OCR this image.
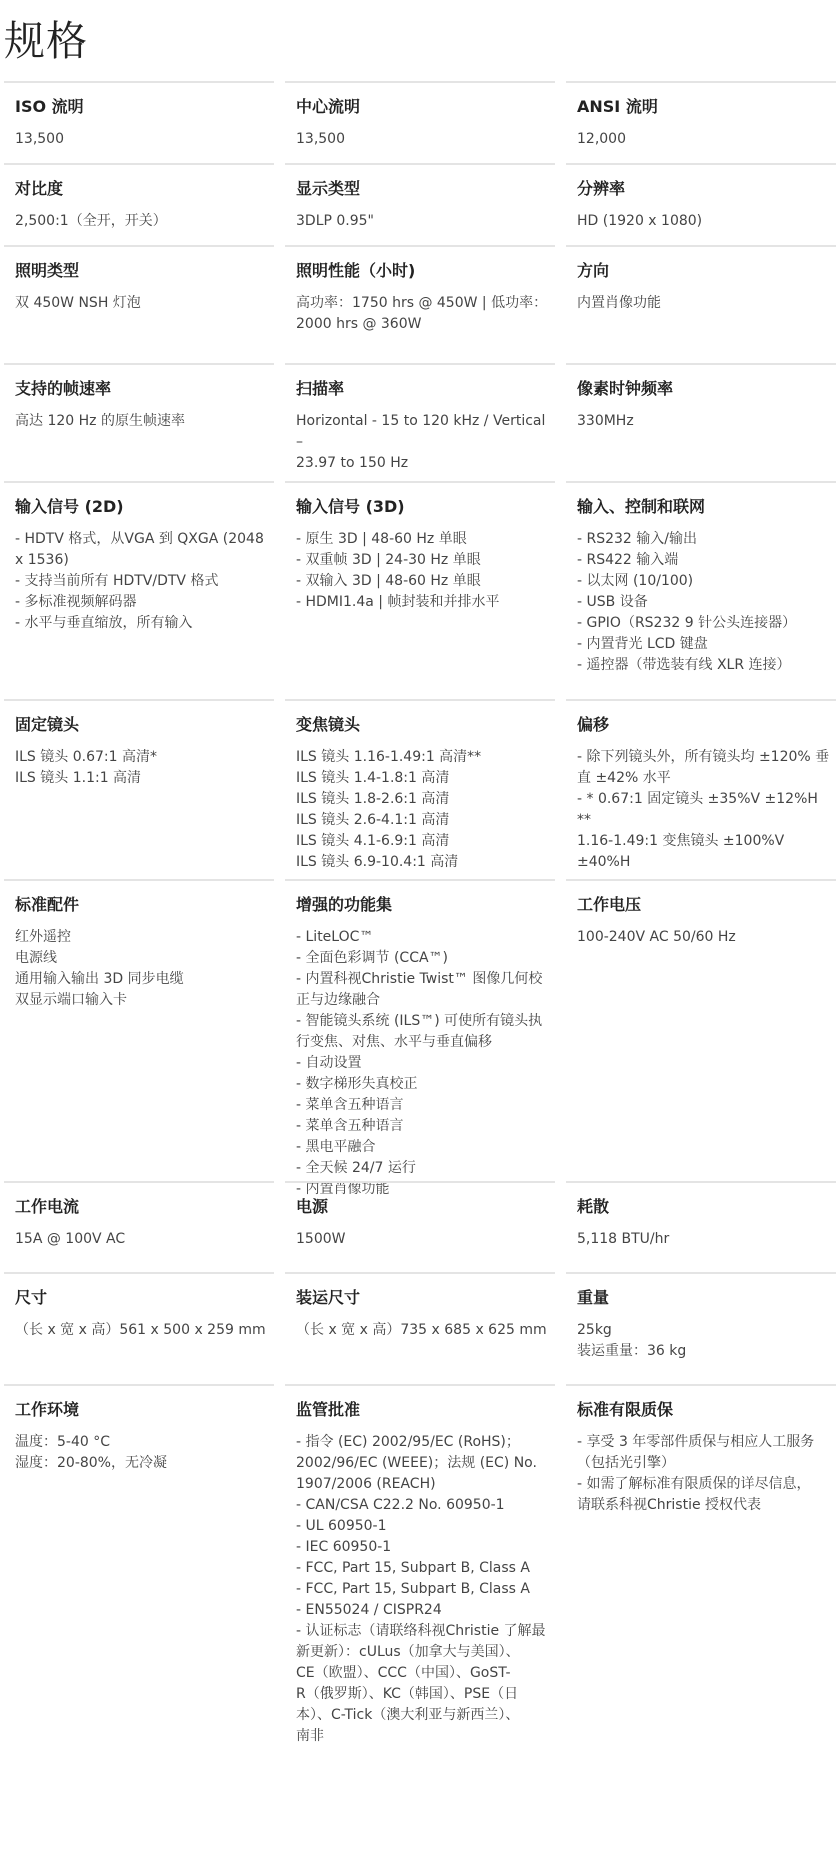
规格
ISO 流明
13,500
中心流明
13,500
ANSI 流明
12,000
对比度
2,500:1（全开，开关）
显示类型
3DLP 0.95"
分辨率
HD (1920 x 1080)
照明类型
双 450W NSH 灯泡
照明性能（小时)
高功率：1750 hrs @ 450W | 低功率：
2000 hrs @ 360W
方向
内置肖像功能
支持的帧速率
高达 120 Hz 的原生帧速率
扫描率
Horizontal - 15 to 120 kHz / Vertical –
23.97 to 150 Hz
像素时钟频率
330MHz
输入信号 (2D)
- HDTV 格式，从VGA 到 QXGA (2048
x 1536)
- 支持当前所有 HDTV/DTV 格式
- 多标准视频解码器
- 水平与垂直缩放，所有输入
输入信号 (3D)
- 原生 3D | 48-60 Hz 单眼
- 双重帧 3D | 24-30 Hz 单眼
- 双输入 3D | 48-60 Hz 单眼
- HDMI1.4a | 帧封装和并排水平
输入、控制和联网
- RS232 输入/输出
- RS422 输入端
- 以太网 (10/100)
- USB 设备
- GPIO（RS232 9 针公头连接器）
- 内置背光 LCD 键盘
- 遥控器（带选装有线 XLR 连接）
固定镜头
ILS 镜头 0.67:1 高清*
ILS 镜头 1.1:1 高清
变焦镜头
ILS 镜头 1.16-1.49:1 高清**
ILS 镜头 1.4-1.8:1 高清
ILS 镜头 1.8-2.6:1 高清
ILS 镜头 2.6-4.1:1 高清
ILS 镜头 4.1-6.9:1 高清
ILS 镜头 6.9-10.4:1 高清
偏移
- 除下列镜头外，所有镜头均 ±120% 垂
直 ±42% 水平
- * 0.67:1 固定镜头 ±35%V ±12%H **
1.16-1.49:1 变焦镜头 ±100%V ±40%H
标准配件
红外遥控
电源线
通用输入输出 3D 同步电缆
双显示端口输入卡
增强的功能集
- LiteLOC™
- 全面色彩调节 (CCA™)
- 内置科视Christie Twist™ 图像几何校
正与边缘融合
- 智能镜头系统 (ILS™) 可使所有镜头执
行变焦、对焦、水平与垂直偏移
- 自动设置
- 数字梯形失真校正
- 菜单含五种语言
- 菜单含五种语言
- 黑电平融合
- 全天候 24/7 运行
- 内置肖像功能
工作电压
100-240V AC 50/60 Hz
工作电流
15A @ 100V AC
电源
1500W
耗散
5,118 BTU/hr
尺寸
（长 x 宽 x 高）561 x 500 x 259 mm
装运尺寸
（长 x 宽 x 高）735 x 685 x 625 mm
重量
25kg
装运重量：36 kg
工作环境
温度：5-40 °C
湿度：20-80%，无冷凝
监管批准
- 指令 (EC) 2002/95/EC (RoHS)；
2002/96/EC (WEEE)；法规 (EC) No.
1907/2006 (REACH)
- CAN/CSA C22.2 No. 60950-1
- UL 60950-1
- IEC 60950-1
- FCC, Part 15, Subpart B, Class A
- FCC, Part 15, Subpart B, Class A
- EN55024 / CISPR24
- 认证标志（请联络科视Christie 了解最
新更新）：cULus（加拿大与美国）、
CE（欧盟）、CCC（中国）、GoST-
R（俄罗斯）、KC（韩国）、PSE（日
本）、C-Tick（澳大利亚与新西兰）、
南非
标准有限质保
- 享受 3 年零部件质保与相应人工服务
（包括光引擎）
- 如需了解标准有限质保的详尽信息，
请联系科视Christie 授权代表
